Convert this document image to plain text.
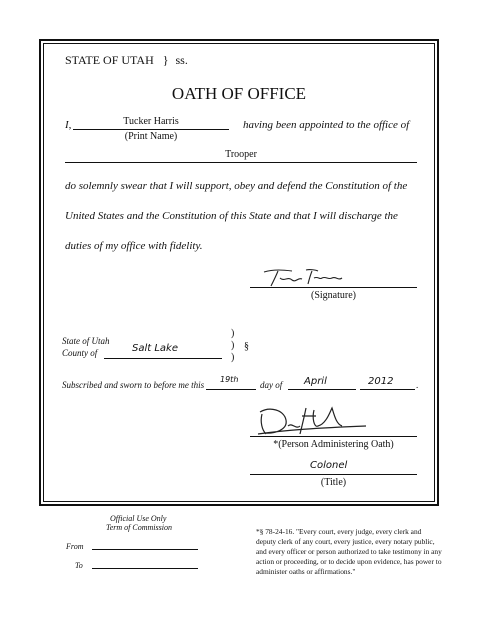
STATE OF UTAH } ss.
OATH OF OFFICE
I,	Tucker Harris
(Print Name)
having been appointed to the office of
Trooper
do solemnly swear that I will support, obey and defend the Constitution of the
United States and the Constitution of this State and that I will discharge the
duties of my office with fidelity.
(Signature)
State of Utah
County of	Salt Lake
)
)
)
§
Subscribed and sworn to before me this
19th
day of April	2012	.
*(Person Administering Oath)
Colonel
(Title)
Official Use Only
Term of Commission
From
To
*§ 78-24-16. "Every court, every judge, every clerk and deputy clerk of any court, every justice, every notary public, and every officer or person authorized to take testimony in any action or proceeding, or to decide upon evidence, has power to administer oaths or affirmations."
